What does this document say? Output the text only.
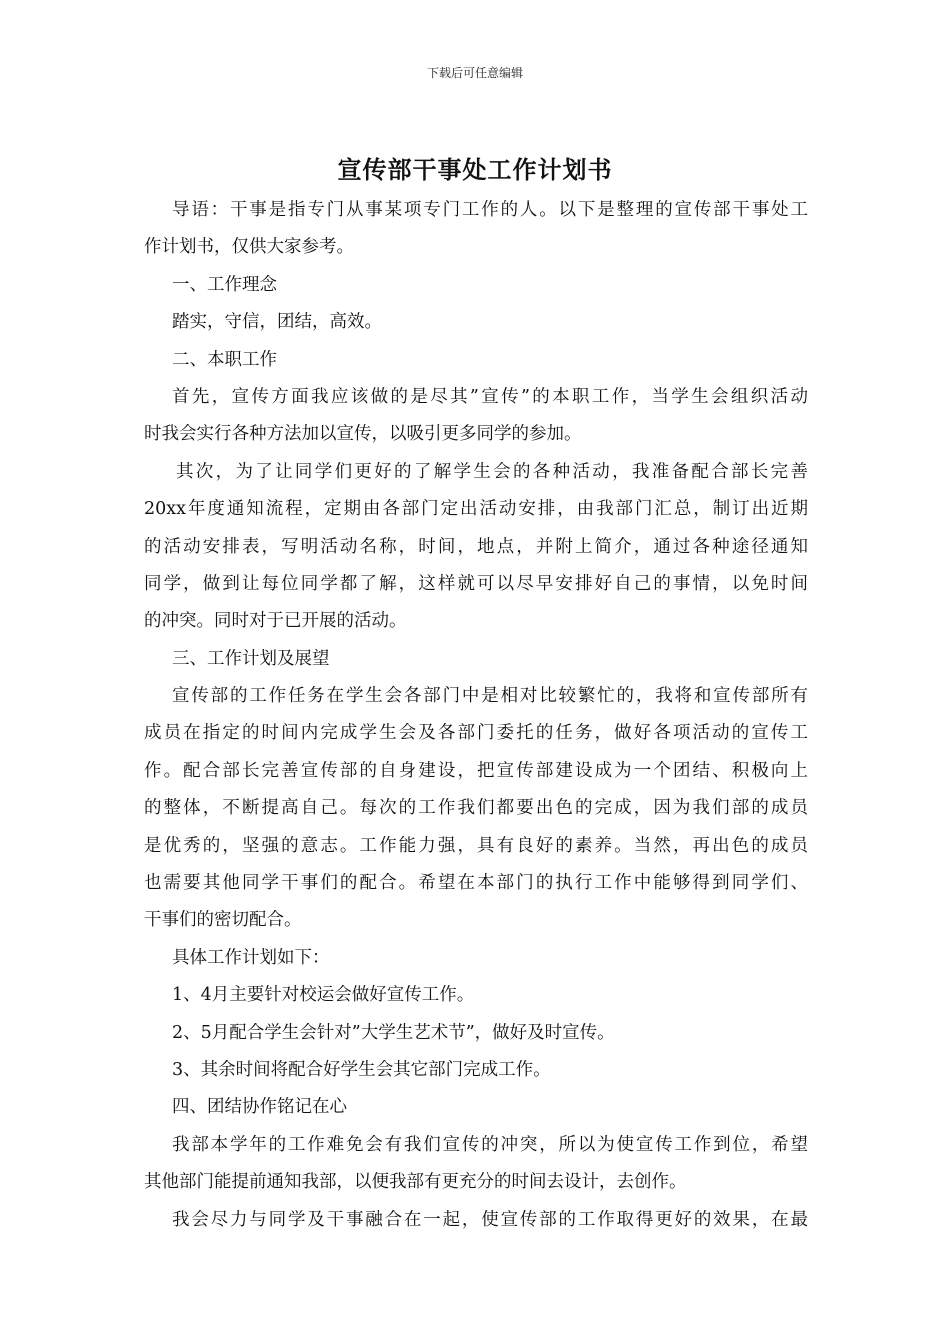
下载后可任意编辑
宣传部干事处工作计划书
导语：干事是指专门从事某项专门工作的人。以下是整理的宣传部干事处工
作计划书，仅供大家参考。
一、工作理念
踏实，守信，团结，高效。
二、本职工作
首先，宣传方面我应该做的是尽其”宣传”的本职工作，当学生会组织活动
时我会实行各种方法加以宣传，以吸引更多同学的参加。
其次，为了让同学们更好的了解学生会的各种活动，我准备配合部长完善
20xx年度通知流程，定期由各部门定出活动安排，由我部门汇总，制订出近期
的活动安排表，写明活动名称，时间，地点，并附上简介，通过各种途径通知
同学，做到让每位同学都了解，这样就可以尽早安排好自己的事情，以免时间
的冲突。同时对于已开展的活动。
三、工作计划及展望
宣传部的工作任务在学生会各部门中是相对比较繁忙的，我将和宣传部所有
成员在指定的时间内完成学生会及各部门委托的任务，做好各项活动的宣传工
作。配合部长完善宣传部的自身建设，把宣传部建设成为一个团结、积极向上
的整体，不断提高自己。每次的工作我们都要出色的完成，因为我们部的成员
是优秀的，坚强的意志。工作能力强，具有良好的素养。当然，再出色的成员
也需要其他同学干事们的配合。希望在本部门的执行工作中能够得到同学们、
干事们的密切配合。
具体工作计划如下：
1、4月主要针对校运会做好宣传工作。
2、5月配合学生会针对”大学生艺术节”，做好及时宣传。
3、其余时间将配合好学生会其它部门完成工作。
四、团结协作铭记在心
我部本学年的工作难免会有我们宣传的冲突，所以为使宣传工作到位，希望
其他部门能提前通知我部，以便我部有更充分的时间去设计，去创作。
我会尽力与同学及干事融合在一起，使宣传部的工作取得更好的效果，在最
